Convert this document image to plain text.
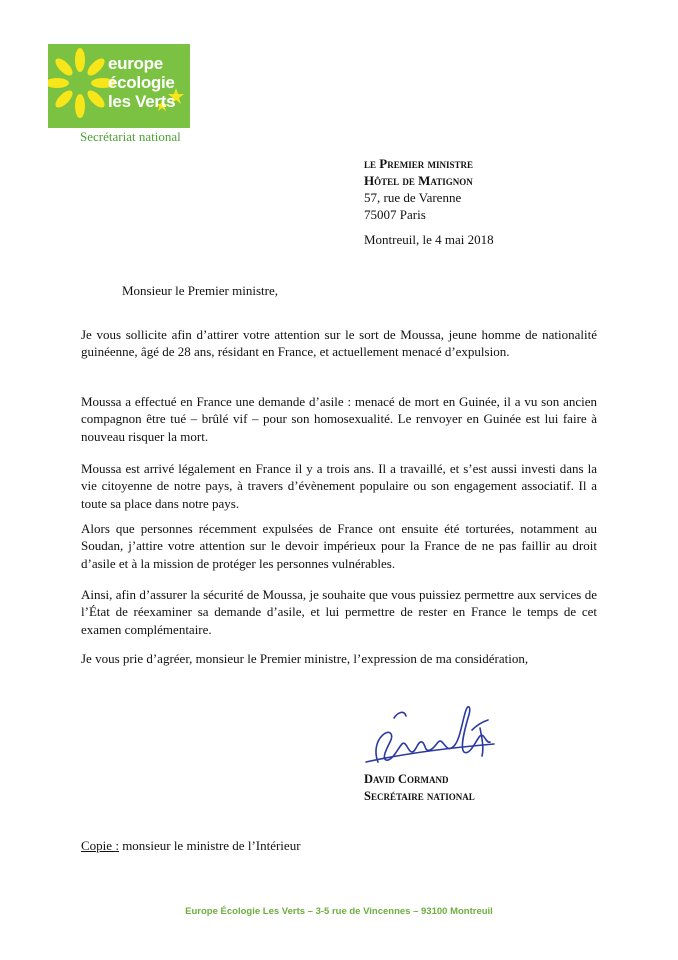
europe
écologie
les Verts
Secrétariat national
le Premier ministre
Hôtel de Matignon
57, rue de Varenne
75007 Paris
Montreuil, le 4 mai 2018
Monsieur le Premier ministre,
Je vous sollicite afin d’attirer votre attention sur le sort de Moussa, jeune homme de nationalité guinéenne, âgé de 28 ans, résidant en France, et actuellement menacé d’expulsion.
Moussa a effectué en France une demande d’asile : menacé de mort en Guinée, il a vu son ancien compagnon être tué – brûlé vif – pour son homosexualité. Le renvoyer en Guinée est lui faire à nouveau risquer la mort.
Moussa est arrivé légalement en France il y a trois ans. Il a travaillé, et s’est aussi investi dans la vie citoyenne de notre pays, à travers d’évènement populaire ou son engagement associatif. Il a toute sa place dans notre pays.
Alors que personnes récemment expulsées de France ont ensuite été torturées, notamment au Soudan, j’attire votre attention sur le devoir impérieux pour la France de ne pas faillir au droit d’asile et à la mission de protéger les personnes vulnérables.
Ainsi, afin d’assurer la sécurité de Moussa, je souhaite que vous puissiez permettre aux services de l’État de réexaminer sa demande d’asile, et lui permettre de rester en France le temps de cet examen complémentaire.
Je vous prie d’agréer, monsieur le Premier ministre, l’expression de ma considération,
David Cormand
Secrétaire national
Copie : monsieur le ministre de l’Intérieur
Europe Écologie Les Verts – 3-5 rue de Vincennes – 93100 Montreuil
